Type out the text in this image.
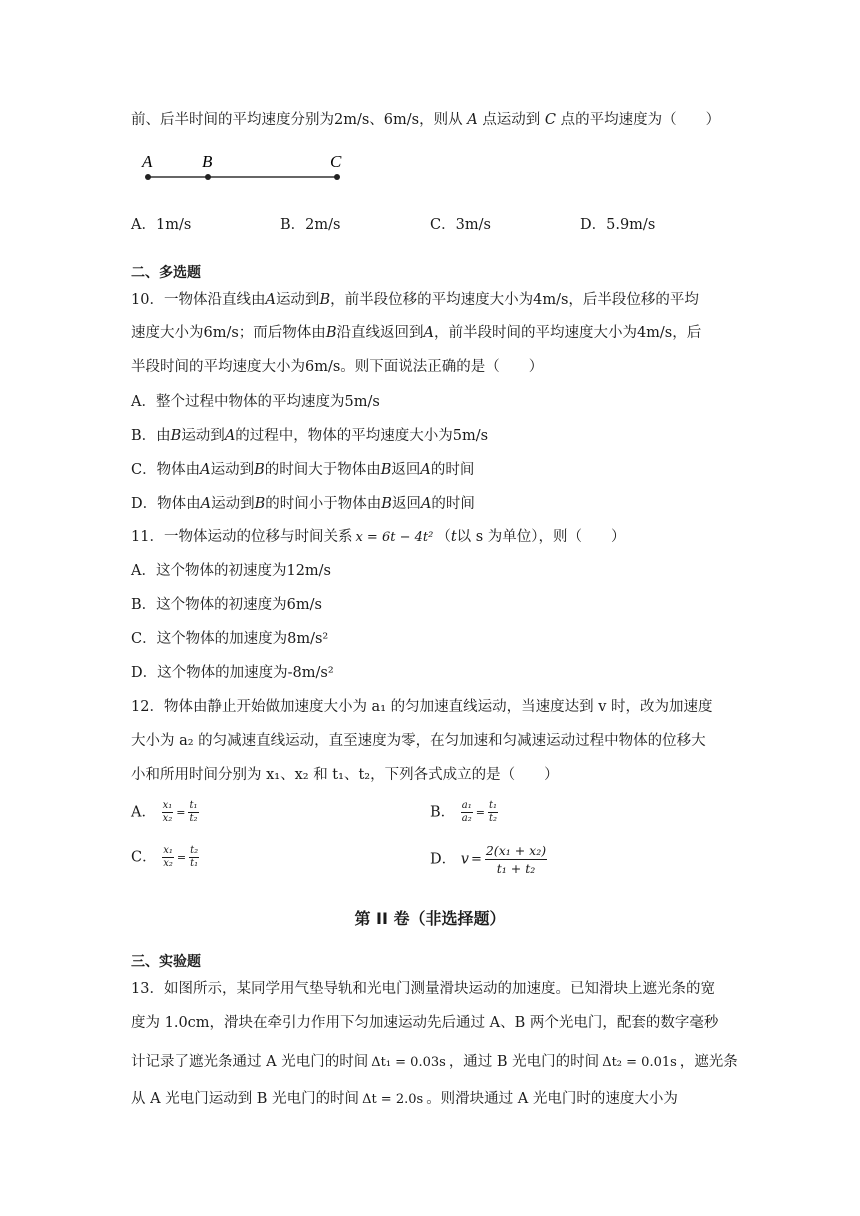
前、后半时间的平均速度分别为2m/s、6m/s，则从 A 点运动到 C 点的平均速度为（　　）
A	B	C
A．1m/s	B．2m/s	C．3m/s	D．5.9m/s
二、多选题
10．一物体沿直线由A运动到B，前半段位移的平均速度大小为4m/s，后半段位移的平均
速度大小为6m/s；而后物体由B沿直线返回到A，前半段时间的平均速度大小为4m/s，后
半段时间的平均速度大小为6m/s。则下面说法正确的是（　　）
A．整个过程中物体的平均速度为5m/s
B．由B运动到A的过程中，物体的平均速度大小为5m/s
C．物体由A运动到B的时间大于物体由B返回A的时间
D．物体由A运动到B的时间小于物体由B返回A的时间
11．一物体运动的位移与时间关系 x = 6t − 4t² （t以 s 为单位），则（　　）
A．这个物体的初速度为12m/s
B．这个物体的初速度为6m/s
C．这个物体的加速度为8m/s²
D．这个物体的加速度为-8m/s²
12．物体由静止开始做加速度大小为 a₁ 的匀加速直线运动，当速度达到 v 时，改为加速度
大小为 a₂ 的匀减速直线运动，直至速度为零，在匀加速和匀减速运动过程中物体的位移大
小和所用时间分别为 x₁、x₂ 和 t₁、t₂，下列各式成立的是（　　）
A． $\frac{\text{x₁}}{\text{x₂}} = \frac{\text{t₁}}{\text{t₂}}$	B． $\frac{\text{a₁}}{\text{a₂}} = \frac{\text{t₁}}{\text{t₂}}$
C． $\frac{\text{x₁}}{\text{x₂}} = \frac{\text{t₂}}{\text{t₁}}$	D． $v = \frac{\text{2(x₁ + x₂)}}{\text{t₁ + t₂}}$
第 II 卷（非选择题）
三、实验题
13．如图所示，某同学用气垫导轨和光电门测量滑块运动的加速度。已知滑块上遮光条的宽
度为 1.0cm，滑块在牵引力作用下匀加速运动先后通过 A、B 两个光电门，配套的数字毫秒
计记录了遮光条通过 A 光电门的时间 Δt₁ = 0.03s ，通过 B 光电门的时间 Δt₂ = 0.01s ，遮光条
从 A 光电门运动到 B 光电门的时间 Δt = 2.0s 。则滑块通过 A 光电门时的速度大小为
